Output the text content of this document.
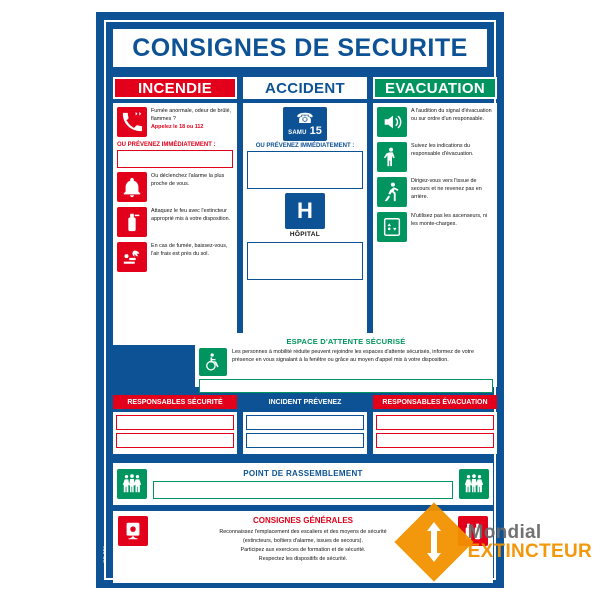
CONSIGNES DE SECURITE
INCENDIE
Fumée anormale, odeur de brûlé, flammes ?
Appelez le 18 ou 112
OU PRÉVENEZ IMMÉDIATEMENT :
Ou déclenchez l'alarme la plus proche de vous.
Attaquez le feu avec l'extincteur approprié mis à votre disposition.
En cas de fumée, baissez-vous, l'air frais est près du sol.
ACCIDENT
☎
SAMU 15
OU PRÉVENEZ IMMÉDIATEMENT :
H
HÔPITAL
EVACUATION
A l'audition du signal d'évacuation ou sur ordre d'un responsable.
Suivez les indications du responsable d'évacuation.
Dirigez-vous vers l'issue de secours et ne revenez pas en arrière.
N'utilisez pas les ascenseurs, ni les monte-charges.
ESPACE D'ATTENTE SÉCURISÉ
Les personnes à mobilité réduite peuvent rejoindre les espaces d'attente sécurisés, informez de votre présence en vous signalant à la fenêtre ou grâce au moyen d'appel mis à votre disposition.
RESPONSABLES SÉCURITÉ	INCIDENT PRÉVENEZ	RESPONSABLES ÉVACUATION
POINT DE RASSEMBLEMENT
CONSIGNES GÉNÉRALES
Reconnaissez l'emplacement des escaliers et des moyens de sécurité
(extincteurs, boîtiers d'alarme, issues de secours).
Participez aux exercices de formation et de sécurité.
Respectez les dispositifs de sécurité.
CS-001
Mondial
EXTINCTEUR
